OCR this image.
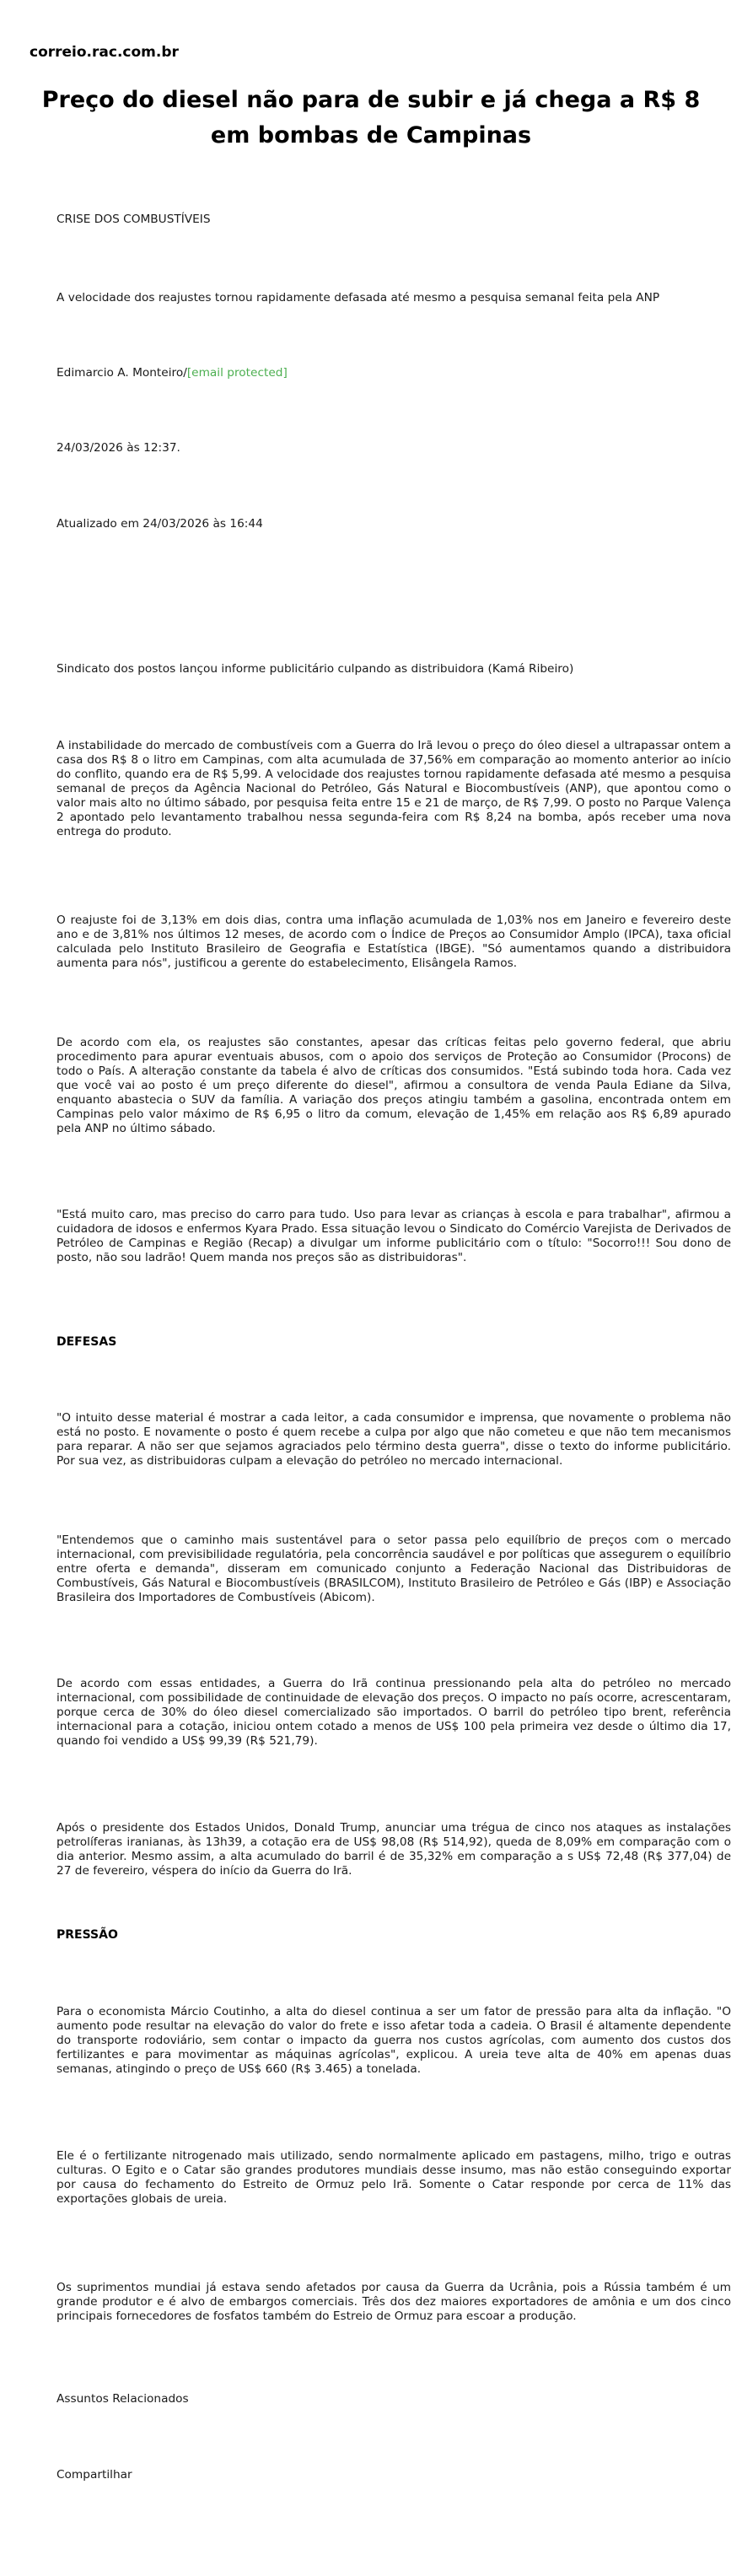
correio.rac.com.br
Preço do diesel não para de subir e já chega a R$ 8 em bombas de Campinas
CRISE DOS COMBUSTÍVEIS
A velocidade dos reajustes tornou rapidamente defasada até mesmo a pesquisa semanal feita pela ANP
Edimarcio A. Monteiro/[email protected]
24/03/2026 às 12:37.
Atualizado em 24/03/2026 às 16:44
Sindicato dos postos lançou informe publicitário culpando as distribuidora (Kamá Ribeiro)

A instabilidade do mercado de combustíveis com a Guerra do Irã levou o preço do óleo diesel a ultrapassar ontem a casa dos R$ 8 o litro em Campinas, com alta acumulada de 37,56% em comparação ao momento anterior ao início do conflito, quando era de R$ 5,99. A velocidade dos reajustes tornou rapidamente defasada até mesmo a pesquisa semanal de preços da Agência Nacional do Petróleo, Gás Natural e Biocombustíveis (ANP), que apontou como o valor mais alto no último sábado, por pesquisa feita entre 15 e 21 de março, de R$ 7,99. O posto no Parque Valença 2 apontado pelo levantamento trabalhou nessa segunda-feira com R$ 8,24 na bomba, após receber uma nova entrega do produto.

O reajuste foi de 3,13% em dois dias, contra uma inflação acumulada de 1,03% nos em Janeiro e fevereiro deste ano e de 3,81% nos últimos 12 meses, de acordo com o Índice de Preços ao Consumidor Amplo (IPCA), taxa oficial calculada pelo Instituto Brasileiro de Geografia e Estatística (IBGE). "Só aumentamos quando a distribuidora aumenta para nós", justificou a gerente do estabelecimento, Elisângela Ramos.

De acordo com ela, os reajustes são constantes, apesar das críticas feitas pelo governo federal, que abriu procedimento para apurar eventuais abusos, com o apoio dos serviços de Proteção ao Consumidor (Procons) de todo o País. A alteração constante da tabela é alvo de críticas dos consumidos. "Está subindo toda hora. Cada vez que você vai ao posto é um preço diferente do diesel", afirmou a consultora de venda Paula Ediane da Silva, enquanto abastecia o SUV da família. A variação dos preços atingiu também a gasolina, encontrada ontem em Campinas pelo valor máximo de R$ 6,95 o litro da comum, elevação de 1,45% em relação aos R$ 6,89 apurado pela ANP no último sábado.

"Está muito caro, mas preciso do carro para tudo. Uso para levar as crianças à escola e para trabalhar", afirmou a cuidadora de idosos e enfermos Kyara Prado. Essa situação levou o Sindicato do Comércio Varejista de Derivados de Petróleo de Campinas e Região (Recap) a divulgar um informe publicitário com o título: "Socorro!!! Sou dono de posto, não sou ladrão! Quem manda nos preços são as distribuidoras".

DEFESAS

"O intuito desse material é mostrar a cada leitor, a cada consumidor e imprensa, que novamente o problema não está no posto. E novamente o posto é quem recebe a culpa por algo que não cometeu e que não tem mecanismos para reparar. A não ser que sejamos agraciados pelo término desta guerra", disse o texto do informe publicitário. Por sua vez, as distribuidoras culpam a elevação do petróleo no mercado internacional.

"Entendemos que o caminho mais sustentável para o setor passa pelo equilíbrio de preços com o mercado internacional, com previsibilidade regulatória, pela concorrência saudável e por políticas que assegurem o equilíbrio entre oferta e demanda", disseram em comunicado conjunto a Federação Nacional das Distribuidoras de Combustíveis, Gás Natural e Biocombustíveis (BRASILCOM), Instituto Brasileiro de Petróleo e Gás (IBP) e Associação Brasileira dos Importadores de Combustíveis (Abicom).

De acordo com essas entidades, a Guerra do Irã continua pressionando pela alta do petróleo no mercado internacional, com possibilidade de continuidade de elevação dos preços. O impacto no país ocorre, acrescentaram, porque cerca de 30% do óleo diesel comercializado são importados. O barril do petróleo tipo brent, referência internacional para a cotação, iniciou ontem cotado a menos de US$ 100 pela primeira vez desde o último dia 17, quando foi vendido a US$ 99,39 (R$ 521,79).

Após o presidente dos Estados Unidos, Donald Trump, anunciar uma trégua de cinco nos ataques as instalações petrolíferas iranianas, às 13h39, a cotação era de US$ 98,08 (R$ 514,92), queda de 8,09% em comparação com o dia anterior. Mesmo assim, a alta acumulado do barril é de 35,32% em comparação a s US$ 72,48 (R$ 377,04) de 27 de fevereiro, véspera do início da Guerra do Irã.

PRESSÃO

Para o economista Márcio Coutinho, a alta do diesel continua a ser um fator de pressão para alta da inflação. "O aumento pode resultar na elevação do valor do frete e isso afetar toda a cadeia. O Brasil é altamente dependente do transporte rodoviário, sem contar o impacto da guerra nos custos agrícolas, com aumento dos custos dos fertilizantes e para movimentar as máquinas agrícolas", explicou. A ureia teve alta de 40% em apenas duas semanas, atingindo o preço de US$ 660 (R$ 3.465) a tonelada.

Ele é o fertilizante nitrogenado mais utilizado, sendo normalmente aplicado em pastagens, milho, trigo e outras culturas. O Egito e o Catar são grandes produtores mundiais desse insumo, mas não estão conseguindo exportar por causa do fechamento do Estreito de Ormuz pelo Irã. Somente o Catar responde por cerca de 11% das exportações globais de ureia.

Os suprimentos mundiai já estava sendo afetados por causa da Guerra da Ucrânia, pois a Rússia também é um grande produtor e é alvo de embargos comerciais. Três dos dez maiores exportadores de amônia e um dos cinco principais fornecedores de fosfatos também do Estreio de Ormuz para escoar a produção.

Assuntos Relacionados
Compartilhar
